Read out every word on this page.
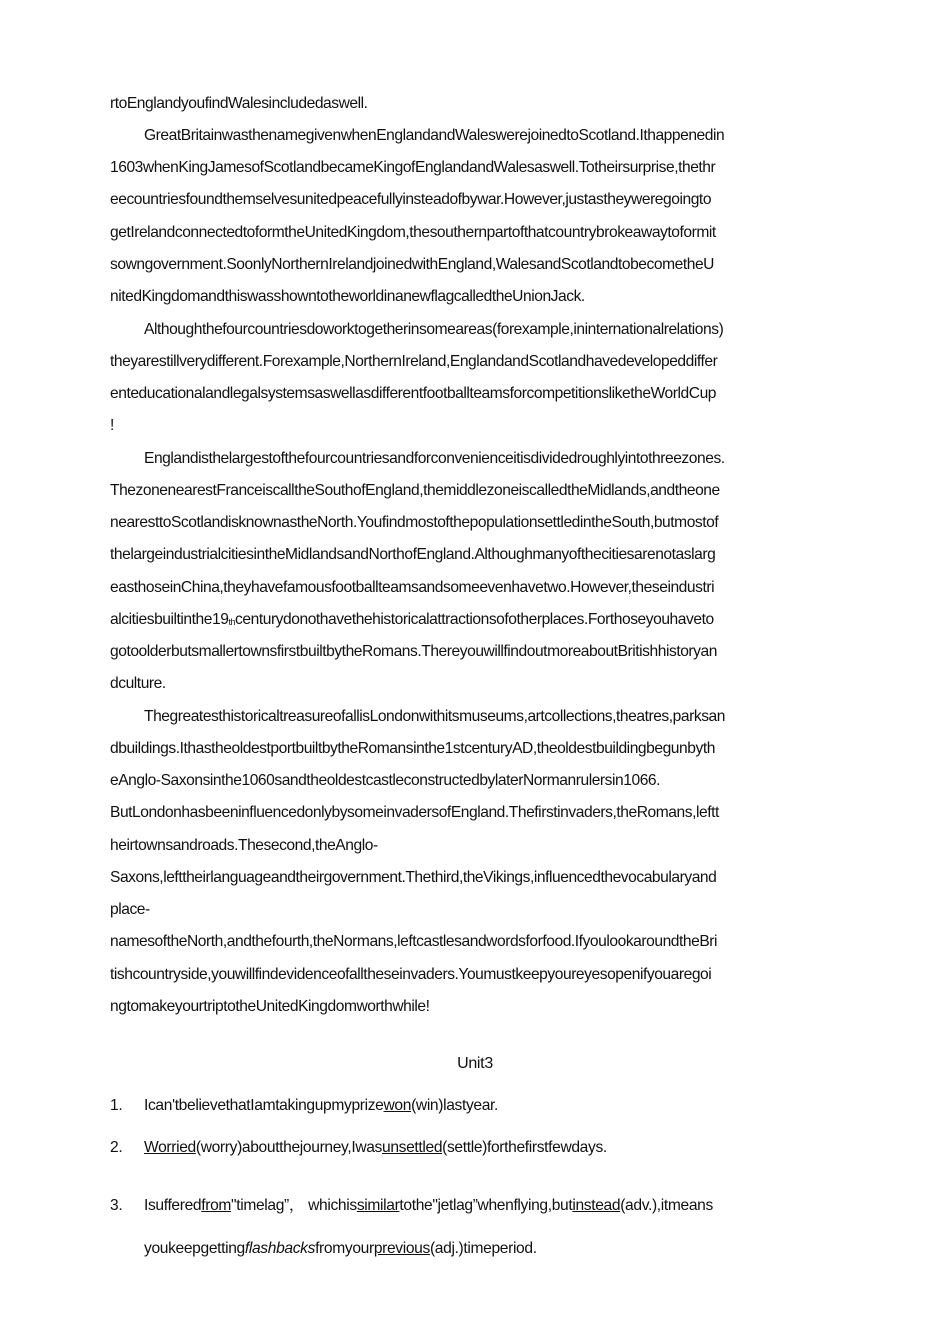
rtoEnglandyoufindWalesincludedaswell.
GreatBritainwasthenamegivenwhenEnglandandWaleswerejoinedtoScotland.Ithappenedin
1603whenKingJamesofScotlandbecameKingofEnglandandWalesaswell.Totheirsurprise,thethr
eecountriesfoundthemselvesunitedpeacefullyinsteadofbywar.However,justastheyweregoingto
getIrelandconnectedtoformtheUnitedKingdom,thesouthernpartofthatcountrybrokeawaytoformit
sowngovernment.SoonlyNorthernIrelandjoinedwithEngland,WalesandScotlandtobecometheU
nitedKingdomandthiswasshowntotheworldinanewflagcalledtheUnionJack.
Althoughthefourcountriesdoworktogetherinsomeareas(forexample,ininternationalrelations)
theyarestillverydifferent.Forexample,NorthernIreland,EnglandandScotlandhavedevelopeddiffer
enteducationalandlegalsystemsaswellasdifferentfootballteamsforcompetitionsliketheWorldCup
!
Englandisthelargestofthefourcountriesandforconvenienceitisdividedroughlyintothreezones.
ThezonenearestFranceiscalltheSouthofEngland,themiddlezoneiscalledtheMidlands,andtheone
nearesttoScotlandisknownastheNorth.YoufindmostofthepopulationsettledintheSouth,butmostof
thelargeindustrialcitiesintheMidlandsandNorthofEngland.Althoughmanyofthecitiesarenotaslarg
easthoseinChina,theyhavefamousfootballteamsandsomeevenhavetwo.However,theseindustri
$alcitiesbuiltinthe19_{th}centurydonothavethehistoricalattractionsofotherplaces.Forthoseyouhaveto$
gotoolderbutsmallertownsfirstbuiltbytheRomans.ThereyouwillfindoutmoreaboutBritishhistoryan
dculture.
ThegreatesthistoricaltreasureofallisLondonwithitsmuseums,artcollections,theatres,parksan
dbuildings.IthastheoldestportbuiltbytheRomansinthe1stcenturyAD,theoldestbuildingbegunbyth
eAnglo-Saxonsinthe1060sandtheoldestcastleconstructedbylaterNormanrulersin1066.
ButLondonhasbeeninfluencedonlybysomeinvadersofEngland.Thefirstinvaders,theRomans,leftt
heirtownsandroads.Thesecond,theAnglo-
Saxons,lefttheirlanguageandtheirgovernment.Thethird,theVikings,influencedthevocabularyand
place-
namesoftheNorth,andthefourth,theNormans,leftcastlesandwordsforfood.IfyoulookaroundtheBri
tishcountryside,youwillfindevidenceofalltheseinvaders.Youmustkeepyoureyesopenifyouaregoi
ngtomakeyourtriptotheUnitedKingdomworthwhile!
Unit3
1. Ican'tbelievethatIamtakingupmyprizewon(win)lastyear.
2. Worried(worry)aboutthejourney,Iwasunsettled(settle)forthefirstfewdays.
3. Isufferedfrom"timelag”， whichissimilartothe"jetlag”whenflying,butinstead(adv.),itmeans
youkeepgettingflashbacksfromyourprevious(adj.)timeperiod.
